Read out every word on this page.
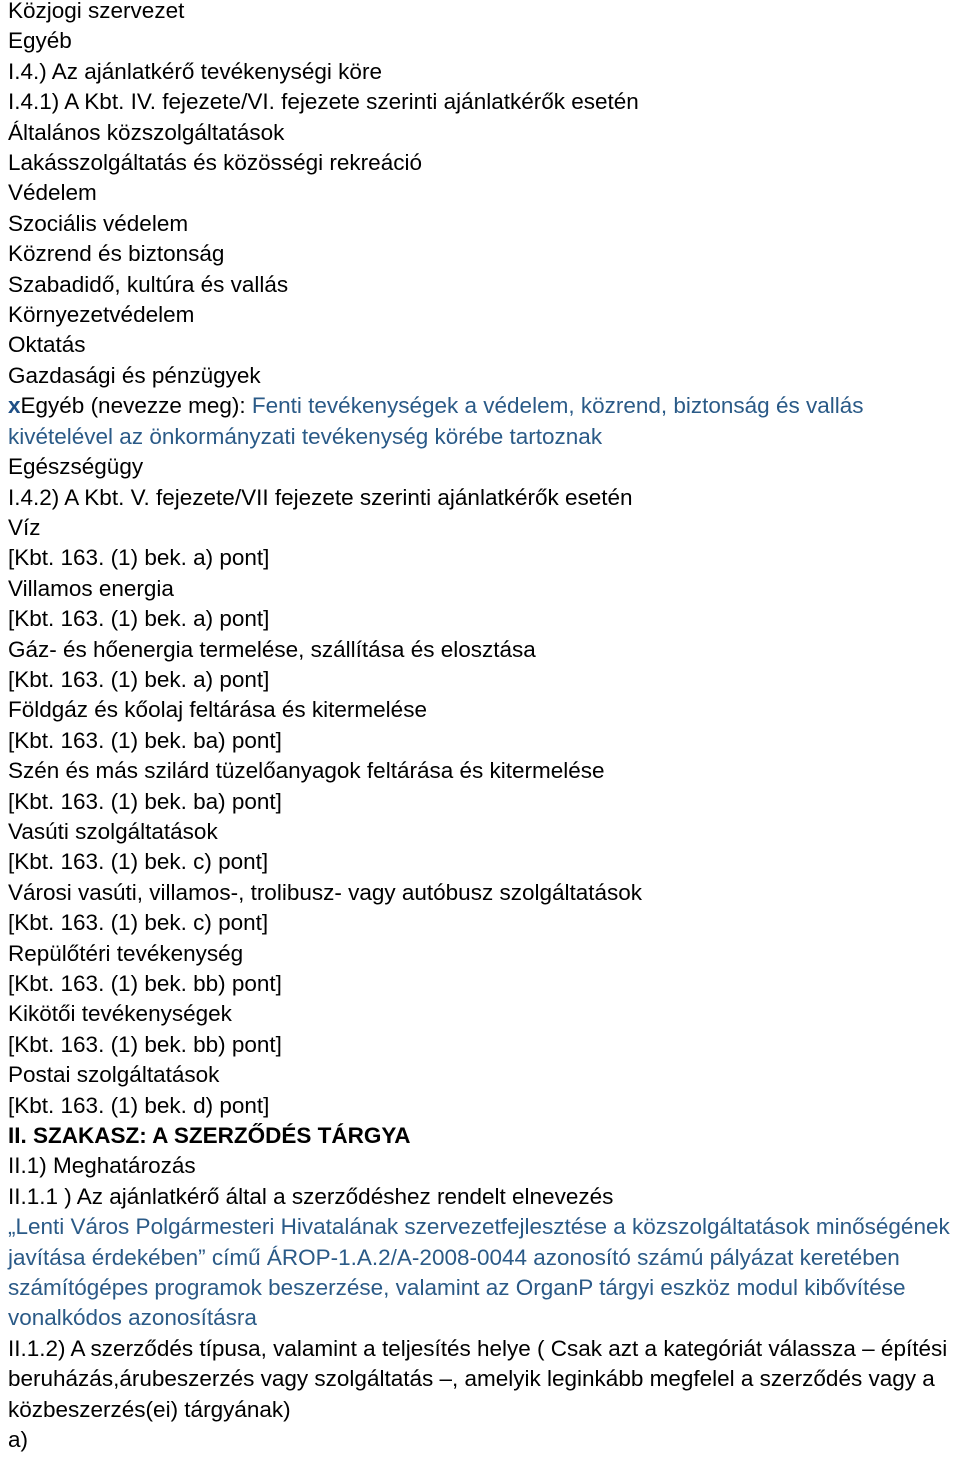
Közjogi szervezet
Egyéb
I.4.) Az ajánlatkérő tevékenységi köre
I.4.1) A Kbt. IV. fejezete/VI. fejezete szerinti ajánlatkérők esetén
Általános közszolgáltatások
Lakásszolgáltatás és közösségi rekreáció
Védelem
Szociális védelem
Közrend és biztonság
Szabadidő, kultúra és vallás
Környezetvédelem
Oktatás
Gazdasági és pénzügyek
xEgyéb (nevezze meg): Fenti tevékenységek a védelem, közrend, biztonság és vallás kivételével az önkormányzati tevékenység körébe tartoznak
Egészségügy
I.4.2) A Kbt. V. fejezete/VII fejezete szerinti ajánlatkérők esetén
Víz
[Kbt. 163. (1) bek. a) pont]
Villamos energia
[Kbt. 163. (1) bek. a) pont]
Gáz- és hőenergia termelése, szállítása és elosztása
[Kbt. 163. (1) bek. a) pont]
Földgáz és kőolaj feltárása és kitermelése
[Kbt. 163. (1) bek. ba) pont]
Szén és más szilárd tüzelőanyagok feltárása és kitermelése
[Kbt. 163. (1) bek. ba) pont]
Vasúti szolgáltatások
[Kbt. 163. (1) bek. c) pont]
Városi vasúti, villamos-, trolibusz- vagy autóbusz szolgáltatások
[Kbt. 163. (1) bek. c) pont]
Repülőtéri tevékenység
[Kbt. 163. (1) bek. bb) pont]
Kikötői tevékenységek
[Kbt. 163. (1) bek. bb) pont]
Postai szolgáltatások
[Kbt. 163. (1) bek. d) pont]
II. SZAKASZ: A SZERZŐDÉS TÁRGYA
II.1) Meghatározás
II.1.1 ) Az ajánlatkérő által a szerződéshez rendelt elnevezés
„Lenti Város Polgármesteri Hivatalának szervezetfejlesztése a közszolgáltatások minőségének javítása érdekében” című ÁROP-1.A.2/A-2008-0044 azonosító számú pályázat keretében számítógépes programok beszerzése, valamint az OrganP tárgyi eszköz modul kibővítése vonalkódos azonosításra
II.1.2) A szerződés típusa, valamint a teljesítés helye ( Csak azt a kategóriát válassza – építési beruházás,árubeszerzés vagy szolgáltatás –, amelyik leginkább megfelel a szerződés vagy a közbeszerzés(ei) tárgyának)
a)
